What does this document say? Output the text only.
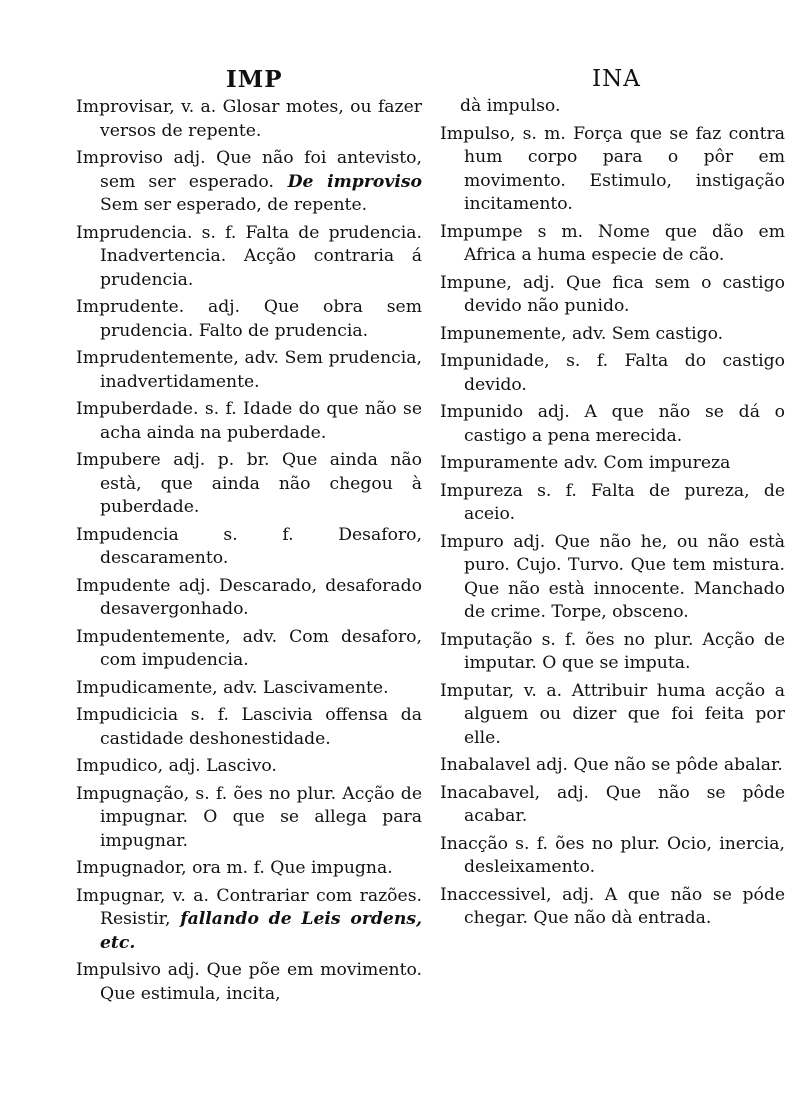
IMP	INA

Improvisar, v. a. Glosar motes, ou fazer versos de repente.

Improviso adj. Que não foi antevisto, sem ser esperado. De improviso Sem ser esperado, de repente.

Imprudencia. s. f. Falta de prudencia. Inadvertencia. Acção contraria á prudencia.

Imprudente. adj. Que obra sem prudencia. Falto de prudencia.

Imprudentemente, adv. Sem prudencia, inadvertidamente.

Impuberdade. s. f. Idade do que não se acha ainda na puberdade.

Impubere adj. p. br. Que ainda não està, que ainda não chegou à puberdade.

Impudencia s. f. Desaforo, descaramento.

Impudente adj. Descarado, desaforado desavergonhado.

Impudentemente, adv. Com desaforo, com impudencia.

Impudicamente, adv. Lascivamente.

Impudicicia s. f. Lascivia offensa da castidade deshonestidade.

Impudico, adj. Lascivo.

Impugnação, s. f. ões no plur. Acção de impugnar. O que se allega para impugnar.

Impugnador, ora m. f. Que impugna.

Impugnar, v. a. Contrariar com razões. Resistir, fallando de Leis ordens, etc.

Impulsivo adj. Que põe em movimento. Que estimula, incita,

dà impulso.

Impulso, s. m. Força que se faz contra hum corpo para o pôr em movimento. Estimulo, instigação incitamento.

Impumpe s m. Nome que dão em Africa a huma especie de cão.

Impune, adj. Que fica sem o castigo devido não punido.

Impunemente, adv. Sem castigo.

Impunidade, s. f. Falta do castigo devido.

Impunido adj. A que não se dá o castigo a pena merecida.

Impuramente adv. Com impureza

Impureza s. f. Falta de pureza, de aceio.

Impuro adj. Que não he, ou não està puro. Cujo. Turvo. Que tem mistura. Que não està innocente. Manchado de crime. Torpe, obsceno.

Imputação s. f. ões no plur. Acção de imputar. O que se imputa.

Imputar, v. a. Attribuir huma acção a alguem ou dizer que foi feita por elle.

Inabalavel adj. Que não se pôde abalar.

Inacabavel, adj. Que não se pôde acabar.

Inacção s. f. ões no plur. Ocio, inercia, desleixamento.

Inaccessivel, adj. A que não se póde chegar. Que não dà entrada.
